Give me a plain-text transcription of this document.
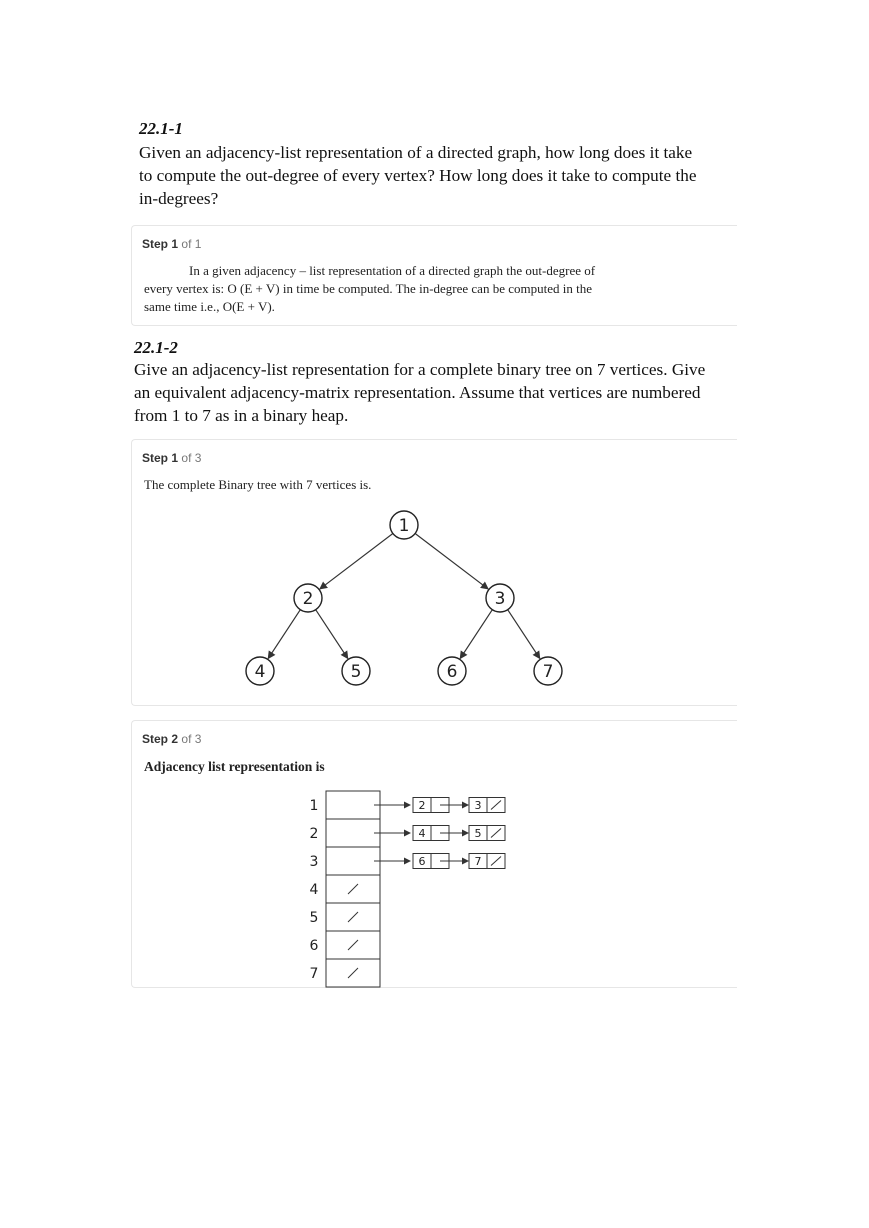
22.1-1
Given an adjacency-list representation of a directed graph, how long does it take
to compute the out-degree of every vertex? How long does it take to compute the
in-degrees?
Step 1 of 1
In a given adjacency – list representation of a directed graph the out-degree of
every vertex is: O (E + V) in time be computed. The in-degree can be computed in the
same time i.e., O(E + V).
22.1-2
Give an adjacency-list representation for a complete binary tree on 7 vertices. Give
an equivalent adjacency-matrix representation. Assume that vertices are numbered
from 1 to 7 as in a binary heap.
Step 1 of 3
The complete Binary tree with 7 vertices is.
1
2	3
4	5	6	7
Step 2 of 3
Adjacency list representation is
1	2	3
2	4	5
3	6	7
4
5
6
7
